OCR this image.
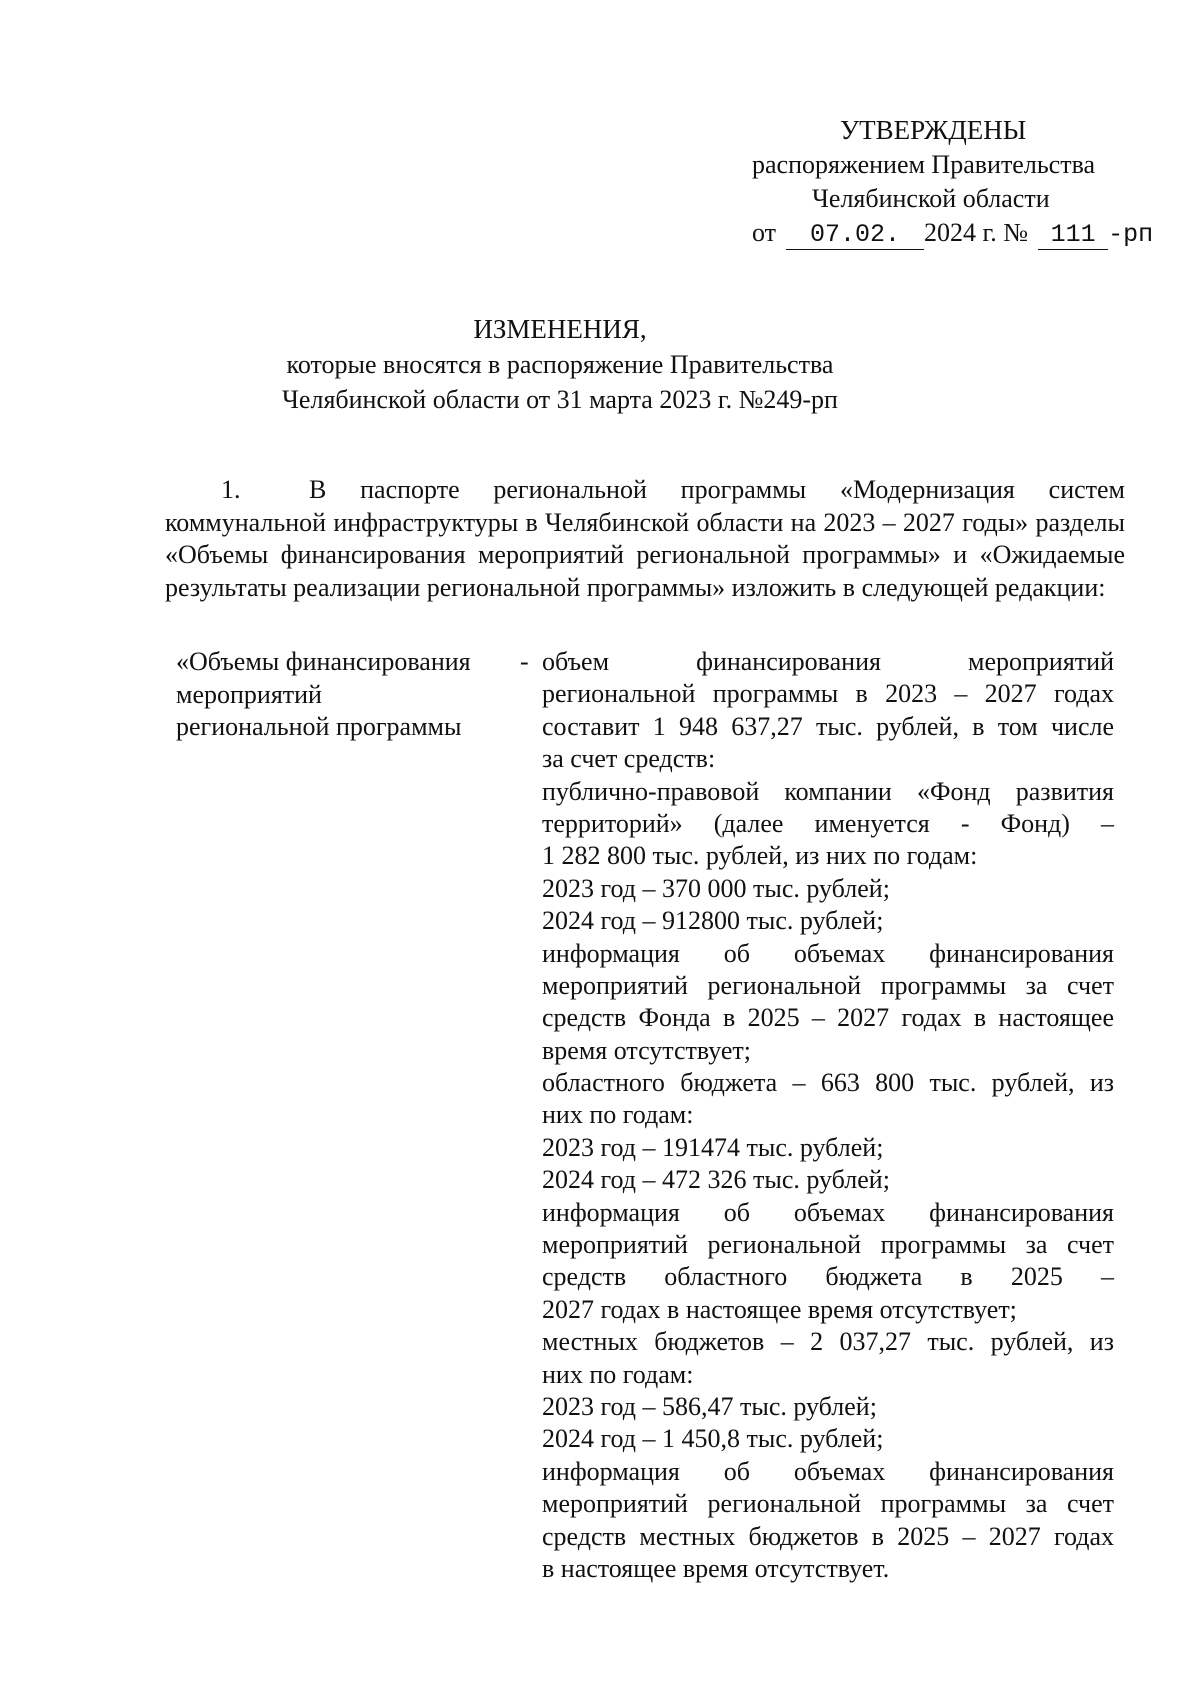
УТВЕРЖДЕНЫ
распоряжением Правительства
Челябинской области
от 07.02. 2024 г. № 111 -рп
ИЗМЕНЕНИЯ,
которые вносятся в распоряжение Правительства
Челябинской области от 31 марта 2023 г. №249-рп
1.	В паспорте региональной программы «Модернизация систем коммунальной инфраструктуры в Челябинской области на 2023 – 2027 годы» разделы «Объемы финансирования мероприятий региональной программы» и «Ожидаемые результаты реализации региональной программы» изложить в следующей редакции:
«Объемы финансирования
мероприятий
региональной программы
- объем финансирования мероприятий
региональной программы в 2023 – 2027 годах
составит 1 948 637,27 тыс. рублей, в том числе
за счет средств:
публично-правовой компании «Фонд развития
территорий» (далее именуется - Фонд) –
1 282 800 тыс. рублей, из них по годам:
2023 год – 370 000 тыс. рублей;
2024 год – 912800 тыс. рублей;
информация об объемах финансирования
мероприятий региональной программы за счет
средств Фонда в 2025 – 2027 годах в настоящее
время отсутствует;
областного бюджета – 663 800 тыс. рублей, из
них по годам:
2023 год – 191474 тыс. рублей;
2024 год – 472 326 тыс. рублей;
информация об объемах финансирования
мероприятий региональной программы за счет
средств областного бюджета в 2025 –
2027 годах в настоящее время отсутствует;
местных бюджетов – 2 037,27 тыс. рублей, из
них по годам:
2023 год – 586,47 тыс. рублей;
2024 год – 1 450,8 тыс. рублей;
информация об объемах финансирования
мероприятий региональной программы за счет
средств местных бюджетов в 2025 – 2027 годах
в настоящее время отсутствует.
